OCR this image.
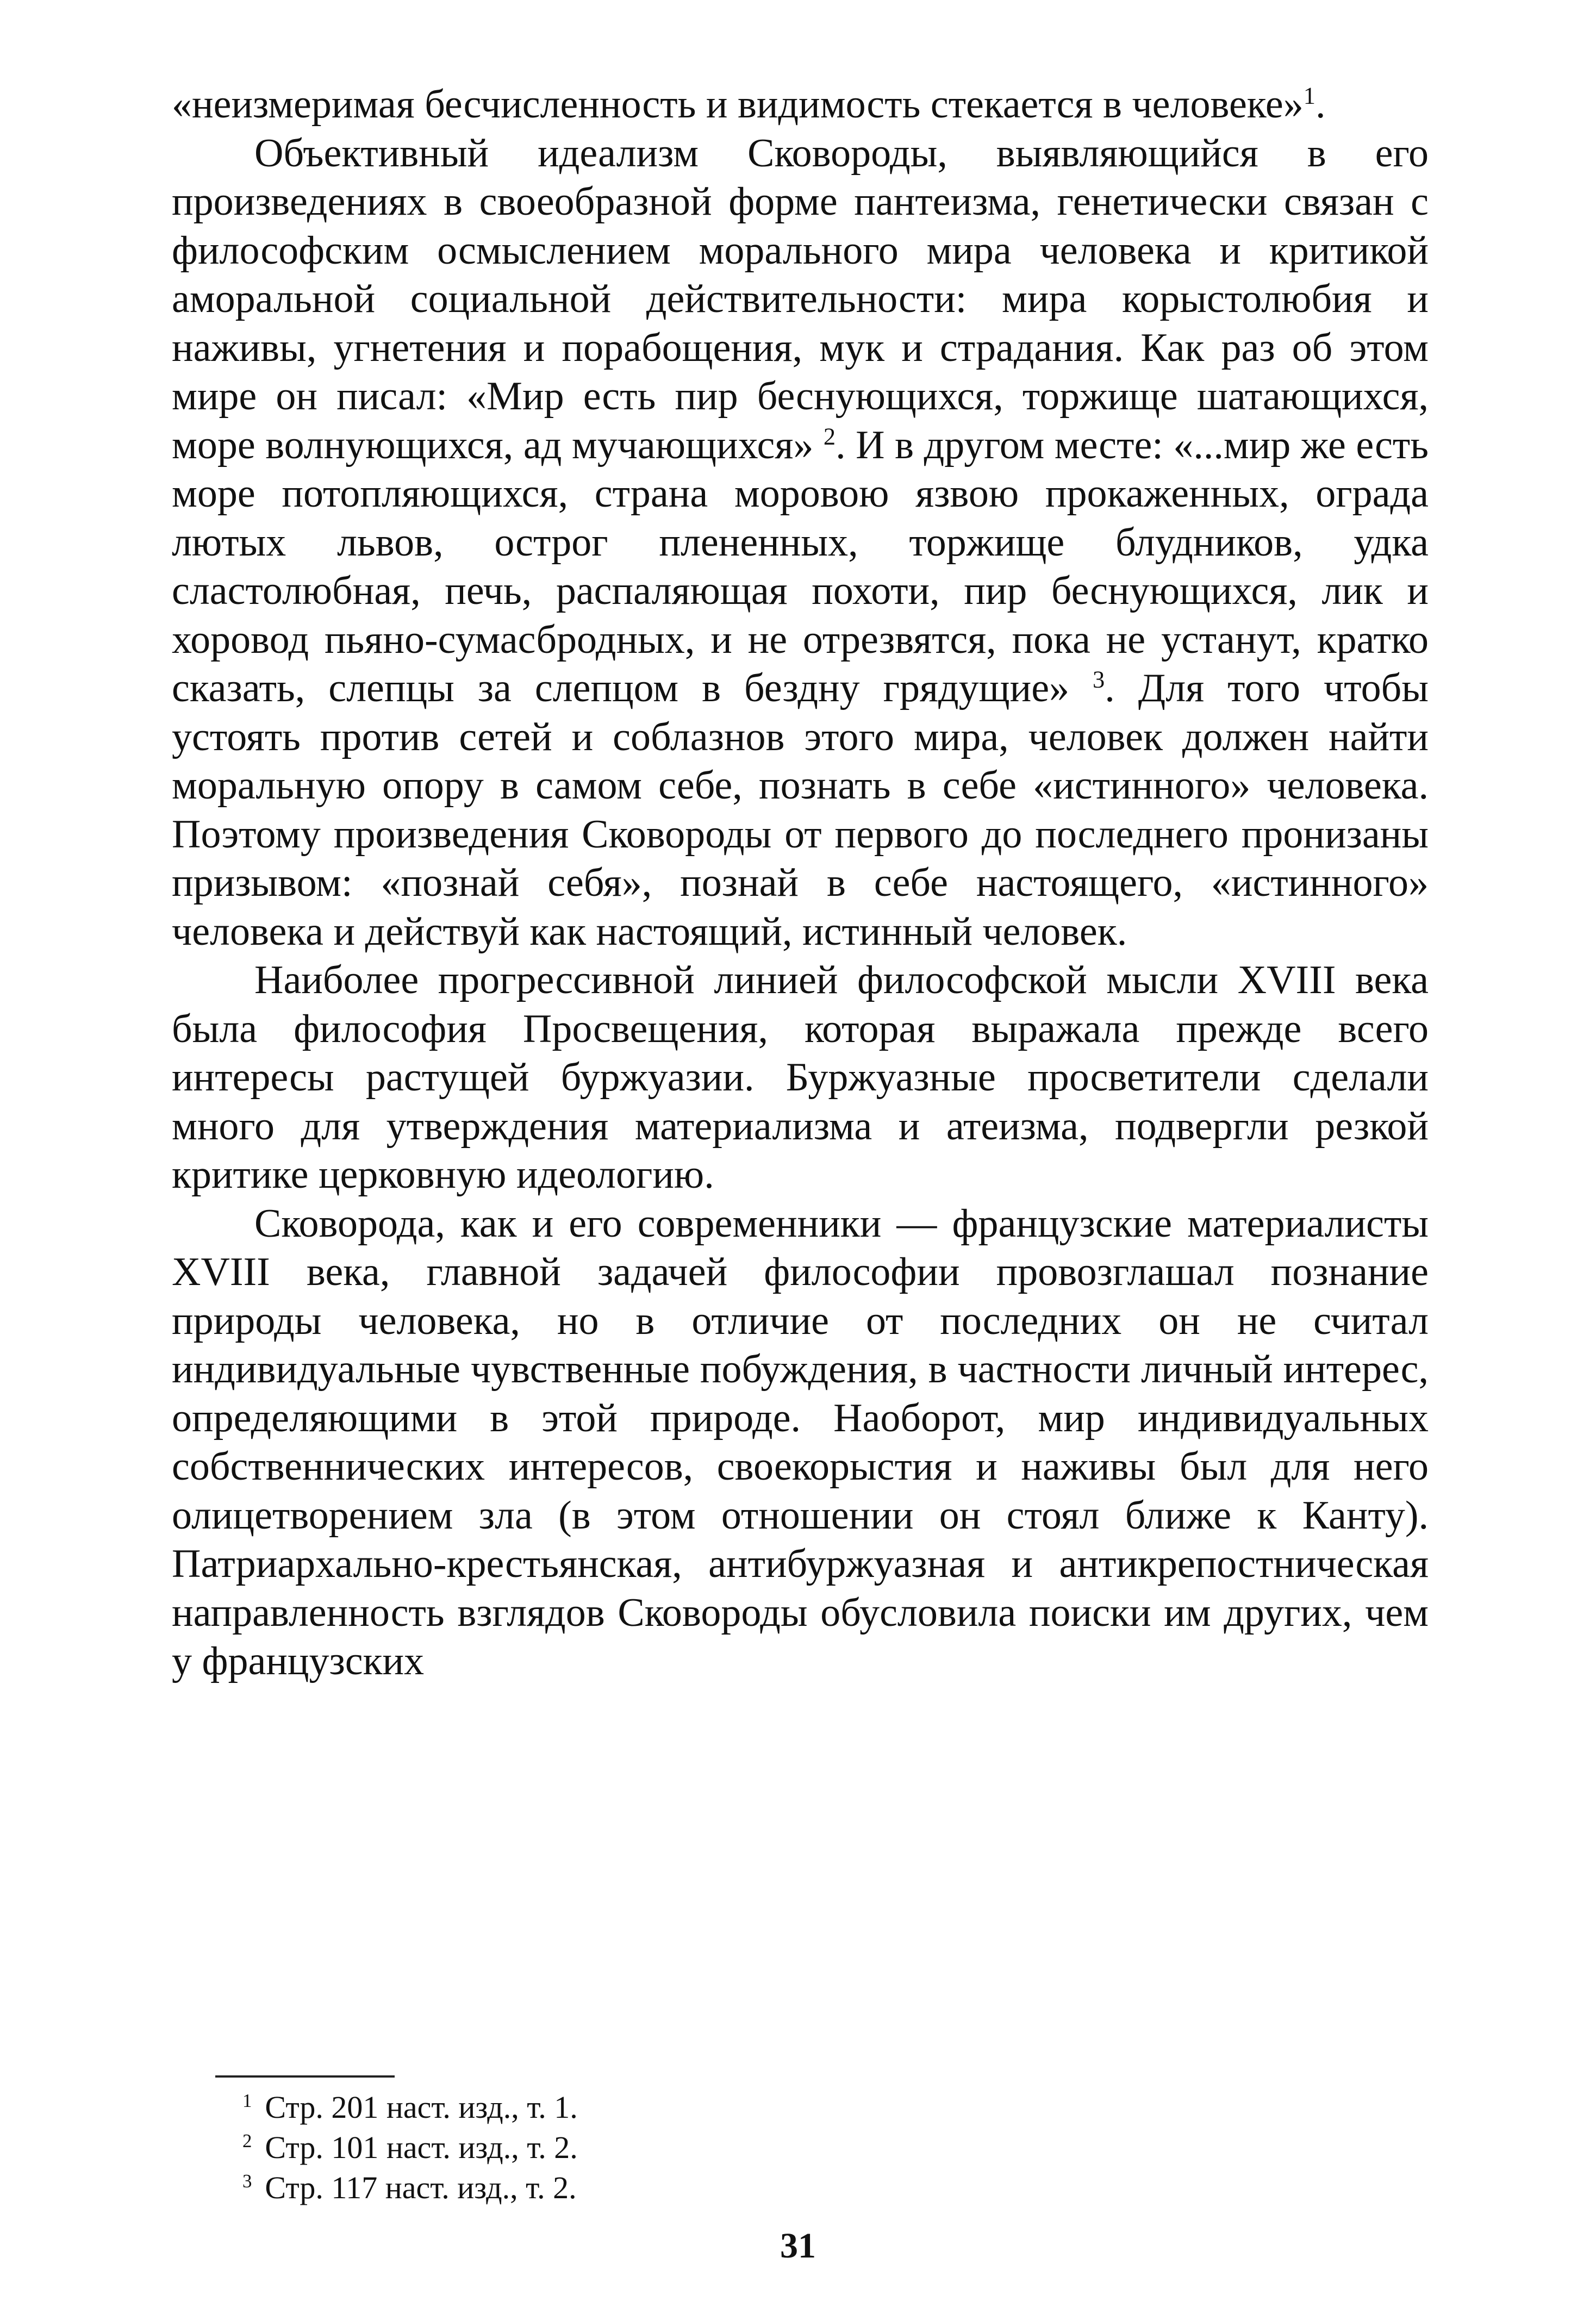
«неизмеримая бесчисленность и видимость стекается в человеке»$^1$.

Объективный идеализм Сковороды, выявляющийся в его произведениях в своеобразной форме пантеизма, генетически связан с философским осмыслением морального мира человека и критикой аморальной социальной действительности: мира корыстолюбия и наживы, угнетения и порабощения, мук и страдания. Как раз об этом мире он писал: «Мир есть пир беснующихся, торжище шатающихся, море волнующихся, ад мучающихся» $^2$. И в другом месте: «...мир же есть море потопляющихся, страна моровою язвою прокаженных, ограда лютых львов, острог плененных, торжище блудников, удка сластолюбная, печь, распаляющая похоти, пир беснующихся, лик и хоровод пьяно-сумасбродных, и не отрезвятся, пока не устанут, кратко сказать, слепцы за слепцом в бездну грядущие» $^3$. Для того чтобы устоять против сетей и соблазнов этого мира, человек должен найти моральную опору в самом себе, познать в себе «истинного» человека. Поэтому произведения Сковороды от первого до последнего пронизаны призывом: «познай себя», познай в себе настоящего, «истинного» человека и действуй как настоящий, истинный человек.

Наиболее прогрессивной линией философской мысли XVIII века была философия Просвещения, которая выражала прежде всего интересы растущей буржуазии. Буржуазные просветители сделали много для утверждения материализма и атеизма, подвергли резкой критике церковную идеологию.

Сковорода, как и его современники — французские материалисты XVIII века, главной задачей философии провозглашал познание природы человека, но в отличие от последних он не считал индивидуальные чувственные побуждения, в частности личный интерес, определяющими в этой природе. Наоборот, мир индивидуальных собственнических интересов, своекорыстия и наживы был для него олицетворением зла (в этом отношении он стоял ближе к Канту). Патриархально-крестьянская, антибуржуазная и антикрепостническая направленность взглядов Сковороды обусловила поиски им других, чем у французских

$^1$ Стр. 201 наст. изд., т. 1.

$^2$ Стр. 101 наст. изд., т. 2.

$^3$ Стр. 117 наст. изд., т. 2.

31
